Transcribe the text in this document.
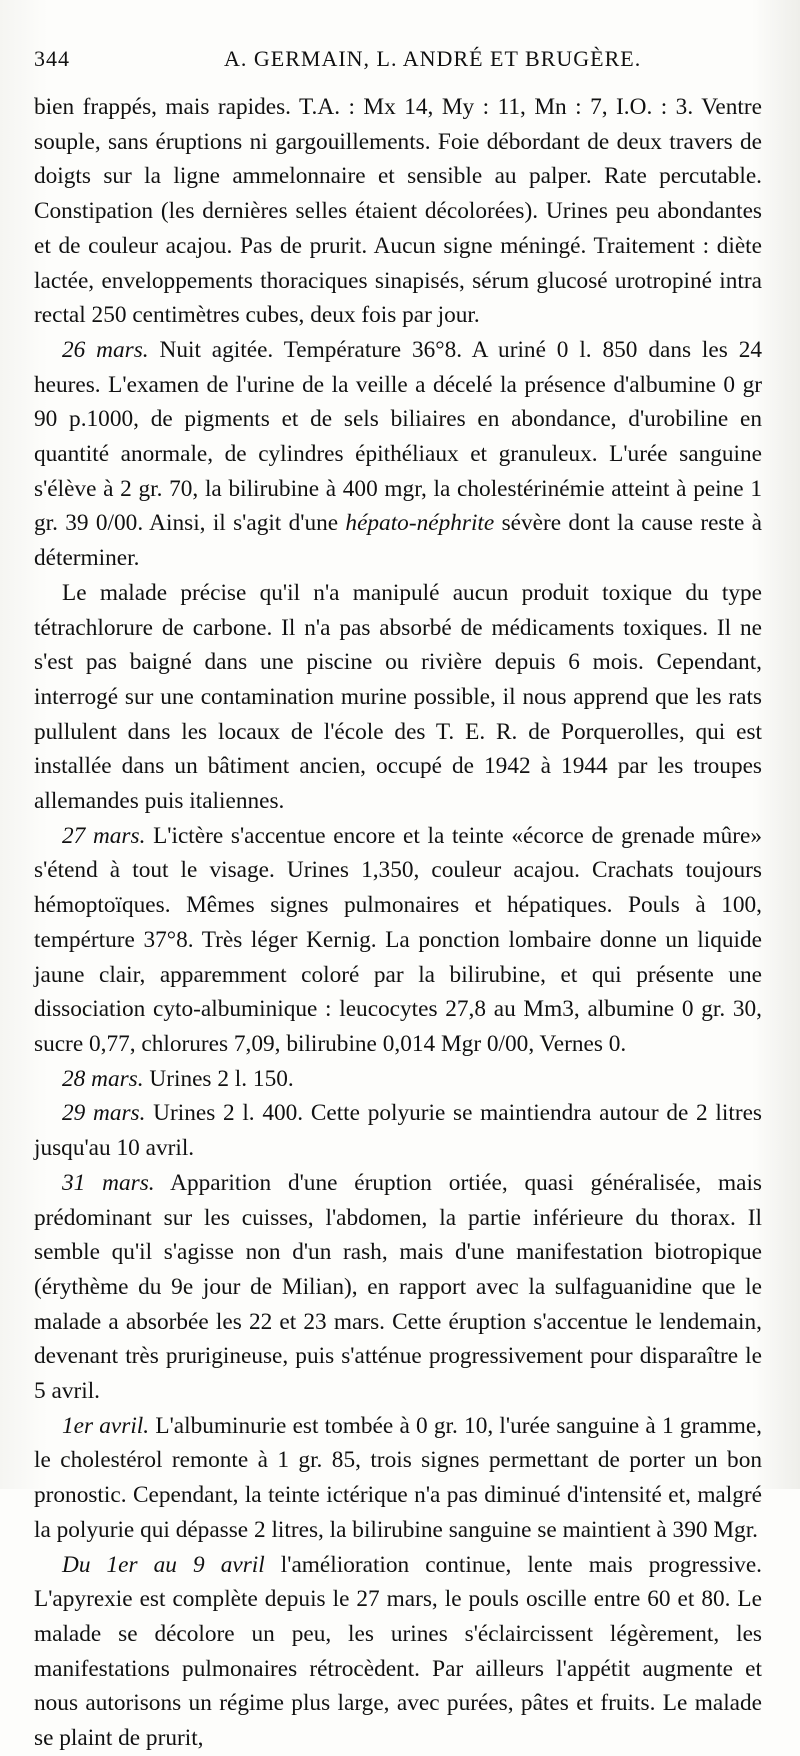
344	A. GERMAIN, L. ANDRÉ ET BRUGÈRE.

bien frappés, mais rapides. T.A. : Mx 14, My : 11, Mn : 7, I.O. : 3. Ventre souple, sans éruptions ni gargouillements. Foie débordant de deux travers de doigts sur la ligne ammelonnaire et sensible au palper. Rate percutable. Constipation (les dernières selles étaient décolorées). Urines peu abondantes et de couleur acajou. Pas de prurit. Aucun signe méningé. Traitement : diète lactée, enveloppements thoraciques sinapisés, sérum glucosé urotropiné intra rectal 250 centimètres cubes, deux fois par jour.

26 mars. Nuit agitée. Température 36°8. A uriné 0 l. 850 dans les 24 heures. L'examen de l'urine de la veille a décelé la présence d'albumine 0 gr 90 p.1000, de pigments et de sels biliaires en abondance, d'urobiline en quantité anormale, de cylindres épithéliaux et granuleux. L'urée sanguine s'élève à 2 gr. 70, la bilirubine à 400 mgr, la cholestérinémie atteint à peine 1 gr. 39 0/00. Ainsi, il s'agit d'une hépato-néphrite sévère dont la cause reste à déterminer.

Le malade précise qu'il n'a manipulé aucun produit toxique du type tétrachlorure de carbone. Il n'a pas absorbé de médicaments toxiques. Il ne s'est pas baigné dans une piscine ou rivière depuis 6 mois. Cependant, interrogé sur une contamination murine possible, il nous apprend que les rats pullulent dans les locaux de l'école des T. E. R. de Porquerolles, qui est installée dans un bâtiment ancien, occupé de 1942 à 1944 par les troupes allemandes puis italiennes.

27 mars. L'ictère s'accentue encore et la teinte «écorce de grenade mûre» s'étend à tout le visage. Urines 1,350, couleur acajou. Crachats toujours hémoptoïques. Mêmes signes pulmonaires et hépatiques. Pouls à 100, tempérture 37°8. Très léger Kernig. La ponction lombaire donne un liquide jaune clair, apparemment coloré par la bilirubine, et qui présente une dissociation cyto-albuminique : leucocytes 27,8 au Mm3, albumine 0 gr. 30, sucre 0,77, chlorures 7,09, bilirubine 0,014 Mgr 0/00, Vernes 0.

28 mars. Urines 2 l. 150.

29 mars. Urines 2 l. 400. Cette polyurie se maintiendra autour de 2 litres jusqu'au 10 avril.

31 mars. Apparition d'une éruption ortiée, quasi généralisée, mais prédominant sur les cuisses, l'abdomen, la partie inférieure du thorax. Il semble qu'il s'agisse non d'un rash, mais d'une manifestation biotropique (érythème du 9e jour de Milian), en rapport avec la sulfaguanidine que le malade a absorbée les 22 et 23 mars. Cette éruption s'accentue le lendemain, devenant très prurigineuse, puis s'atténue progressivement pour disparaître le 5 avril.

1er avril. L'albuminurie est tombée à 0 gr. 10, l'urée sanguine à 1 gramme, le cholestérol remonte à 1 gr. 85, trois signes permettant de porter un bon pronostic. Cependant, la teinte ictérique n'a pas diminué d'intensité et, malgré la polyurie qui dépasse 2 litres, la bilirubine sanguine se maintient à 390 Mgr.

Du 1er au 9 avril l'amélioration continue, lente mais progressive. L'apyrexie est complète depuis le 27 mars, le pouls oscille entre 60 et 80. Le malade se décolore un peu, les urines s'éclaircissent légèrement, les manifestations pulmonaires rétrocèdent. Par ailleurs l'appétit augmente et nous autorisons un régime plus large, avec purées, pâtes et fruits. Le malade se plaint de prurit,
